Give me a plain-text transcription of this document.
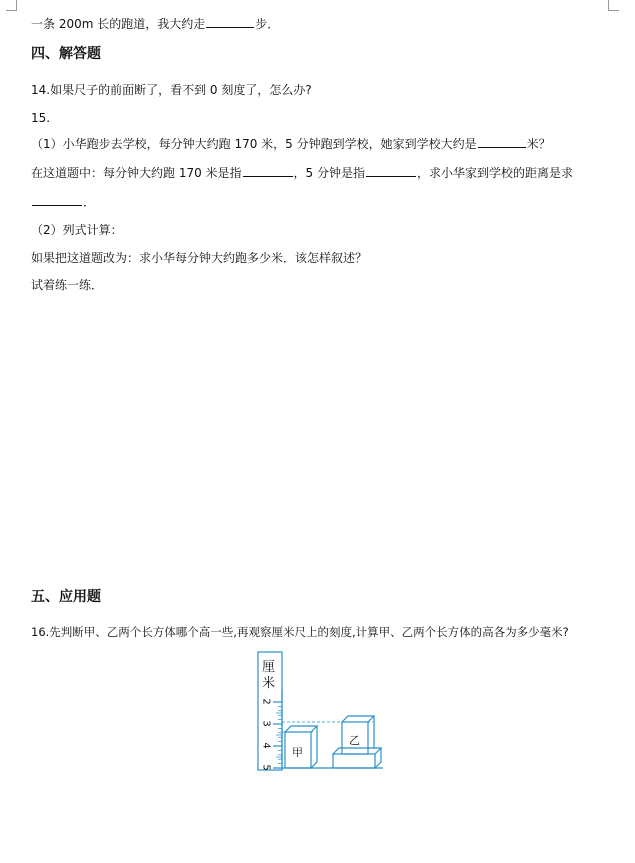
一条 200m 长的跑道，我大约走	步．
四、解答题
14.如果尺子的前面断了，看不到 0 刻度了，怎么办?
15.
（1）小华跑步去学校，每分钟大约跑 170 米，5 分钟跑到学校，她家到学校大约是	米？
在这道题中：每分钟大约跑 170 米是指	，5 分钟是指	，求小华家到学校的距离是求
．
（2）列式计算：
如果把这道题改为：求小华每分钟大约跑多少米．该怎样叙述？
试着练一练．
五、应用题
16.先判断甲、乙两个长方体哪个高一些,再观察厘米尺上的刻度,计算甲、乙两个长方体的高各为多少毫米?
厘
米
2
3
4
5
甲
乙
